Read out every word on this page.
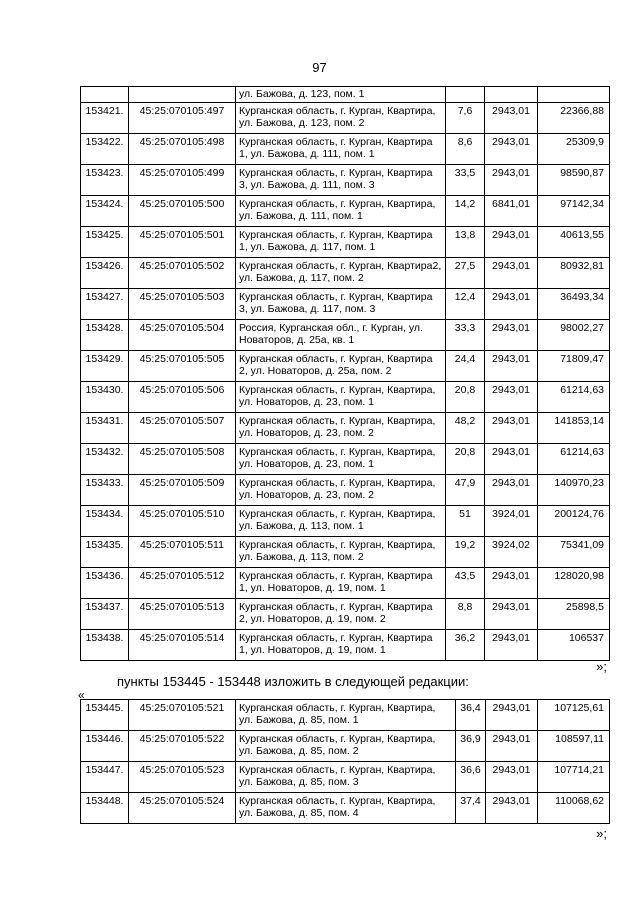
97
		ул. Бажова, д. 123, пом. 1			
153421.	45:25:070105:497	Курганская область, г. Курган, Квартира, ул. Бажова, д. 123, пом. 2	7,6	2943,01	22366,88
153422.	45:25:070105:498	Курганская область, г. Курган, Квартира 1, ул. Бажова, д. 111, пом. 1	8,6	2943,01	25309,9
153423.	45:25:070105:499	Курганская область, г. Курган, Квартира 3, ул. Бажова, д. 111, пом. 3	33,5	2943,01	98590,87
153424.	45:25:070105:500	Курганская область, г. Курган, Квартира, ул. Бажова, д. 111, пом. 1	14,2	6841,01	97142,34
153425.	45:25:070105:501	Курганская область, г. Курган, Квартира 1, ул. Бажова, д. 117, пом. 1	13,8	2943,01	40613,55
153426.	45:25:070105:502	Курганская область, г. Курган, Квартира2, ул. Бажова, д. 117, пом. 2	27,5	2943,01	80932,81
153427.	45:25:070105:503	Курганская область, г. Курган, Квартира 3, ул. Бажова, д. 117, пом. 3	12,4	2943,01	36493,34
153428.	45:25:070105:504	Россия, Курганская обл., г. Курган, ул. Новаторов, д. 25а, кв. 1	33,3	2943,01	98002,27
153429.	45:25:070105:505	Курганская область, г. Курган, Квартира 2, ул. Новаторов, д. 25а, пом. 2	24,4	2943,01	71809,47
153430.	45:25:070105:506	Курганская область, г. Курган, Квартира, ул. Новаторов, д. 23, пом. 1	20,8	2943,01	61214,63
153431.	45:25:070105:507	Курганская область, г. Курган, Квартира, ул. Новаторов, д. 23, пом. 2	48,2	2943,01	141853,14
153432.	45:25:070105:508	Курганская область, г. Курган, Квартира, ул. Новаторов, д. 23, пом. 1	20,8	2943,01	61214,63
153433.	45:25:070105:509	Курганская область, г. Курган, Квартира, ул. Новаторов, д. 23, пом. 2	47,9	2943,01	140970,23
153434.	45:25:070105:510	Курганская область, г. Курган, Квартира, ул. Бажова, д. 113, пом. 1	51	3924,01	200124,76
153435.	45:25:070105:511	Курганская область, г. Курган, Квартира, ул. Бажова, д. 113, пом. 2	19,2	3924,02	75341,09
153436.	45:25:070105:512	Курганская область, г. Курган, Квартира 1, ул. Новаторов, д. 19, пом. 1	43,5	2943,01	128020,98
153437.	45:25:070105:513	Курганская область, г. Курган, Квартира 2, ул. Новаторов, д. 19, пом. 2	8,8	2943,01	25898,5
153438.	45:25:070105:514	Курганская область, г. Курган, Квартира 1, ул. Новаторов, д. 19, пом. 1	36,2	2943,01	106537
»;
пункты 153445 - 153448 изложить в следующей редакции:
«
153445.	45:25:070105:521	Курганская область, г. Курган, Квартира, ул. Бажова, д. 85, пом. 1	36,4	2943,01	107125,61
153446.	45:25:070105:522	Курганская область, г. Курган, Квартира, ул. Бажова, д. 85, пом. 2	36,9	2943,01	108597,11
153447.	45:25:070105:523	Курганская область, г. Курган, Квартира, ул. Бажова, д. 85, пом. 3	36,6	2943,01	107714,21
153448.	45:25:070105:524	Курганская область, г. Курган, Квартира, ул. Бажова, д. 85, пом. 4	37,4	2943,01	110068,62
»;
